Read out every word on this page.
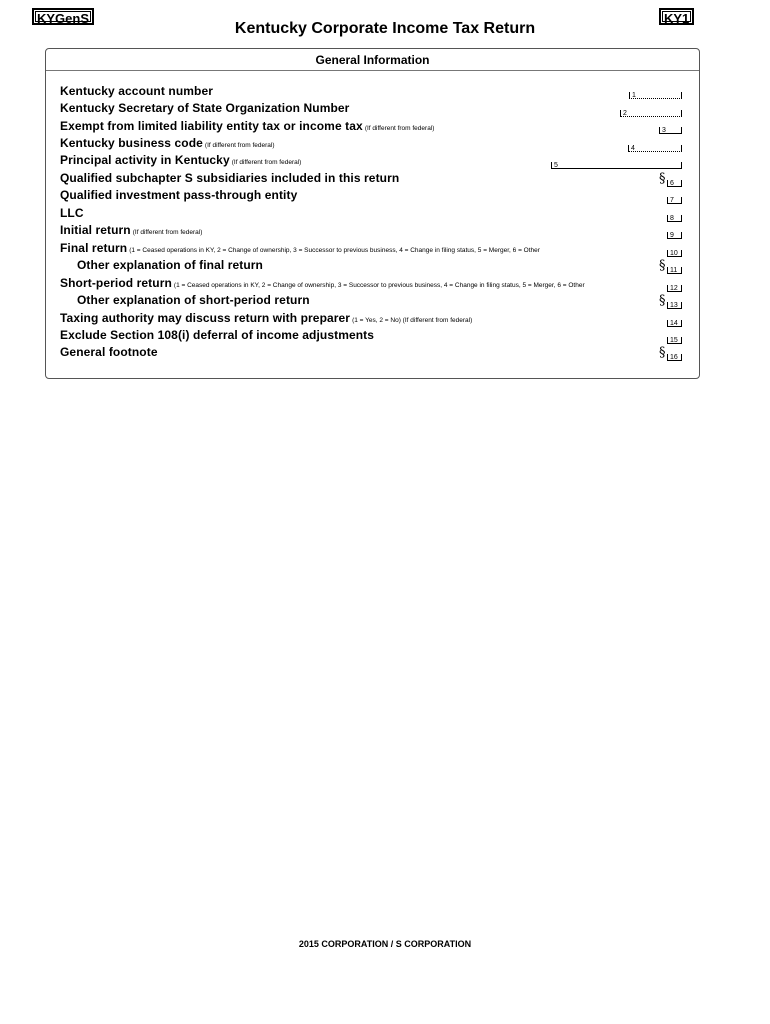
KYGenS	KY1
Kentucky Corporate Income Tax Return
General Information
Kentucky account number
Kentucky Secretary of State Organization Number
Exempt from limited liability entity tax or income tax (If different from federal)
Kentucky business code (If different from federal)
Principal activity in Kentucky (If different from federal)
Qualified subchapter S subsidiaries included in this return
Qualified investment pass-through entity
LLC
Initial return (If different from federal)
Final return (1 = Ceased operations in KY, 2 = Change of ownership, 3 = Successor to previous business, 4 = Change in filing status, 5 = Merger, 6 = Other
Other explanation of final return
Short-period return (1 = Ceased operations in KY, 2 = Change of ownership, 3 = Successor to previous business, 4 = Change in filing status, 5 = Merger, 6 = Other
Other explanation of short-period return
Taxing authority may discuss return with preparer (1 = Yes, 2 = No) (If different from federal)
Exclude Section 108(i) deferral of income adjustments
General footnote
1
2
3
4
5
§ 6
7
8
9
10
§ 11
12
§ 13
14
15
§ 16
2015 CORPORATION / S CORPORATION
